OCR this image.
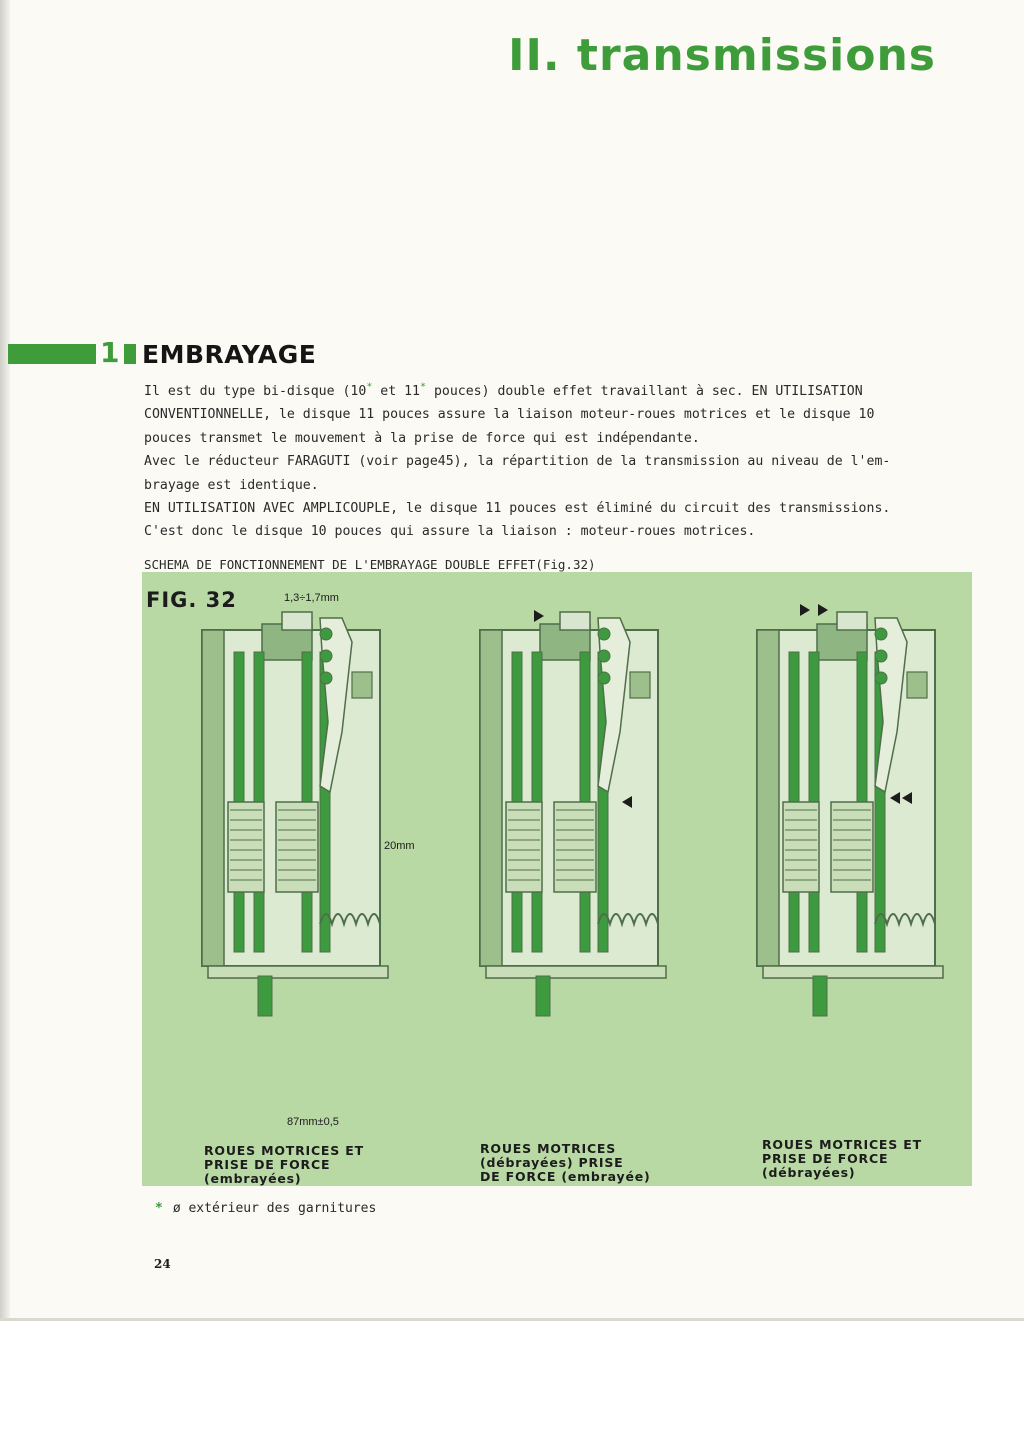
II. transmissions
1 EMBRAYAGE

Il est du type bi-disque (10* et 11* pouces) double effet travaillant à sec. EN UTILISATION

CONVENTIONNELLE, le disque 11 pouces assure la liaison moteur-roues motrices et le disque 10

pouces transmet le mouvement à la prise de force qui est indépendante.

Avec le réducteur FARAGUTI (voir page45), la répartition de la transmission au niveau de l'em-

brayage est identique.

EN UTILISATION AVEC AMPLICOUPLE, le disque 11 pouces est éliminé du circuit des transmissions.

C'est donc le disque 10 pouces qui assure la liaison : moteur-roues motrices.

SCHEMA DE FONCTIONNEMENT DE L'EMBRAYAGE DOUBLE EFFET(Fig.32)
FIG. 32	1,3÷1,7mm
20mm
87mm±0,5
ROUES MOTRICES ET
PRISE DE FORCE
(embrayées)
ROUES MOTRICES
(débrayées) PRISE
DE FORCE (embrayée)
ROUES MOTRICES ET
PRISE DE FORCE
(débrayées)
* ø extérieur des garnitures
24
